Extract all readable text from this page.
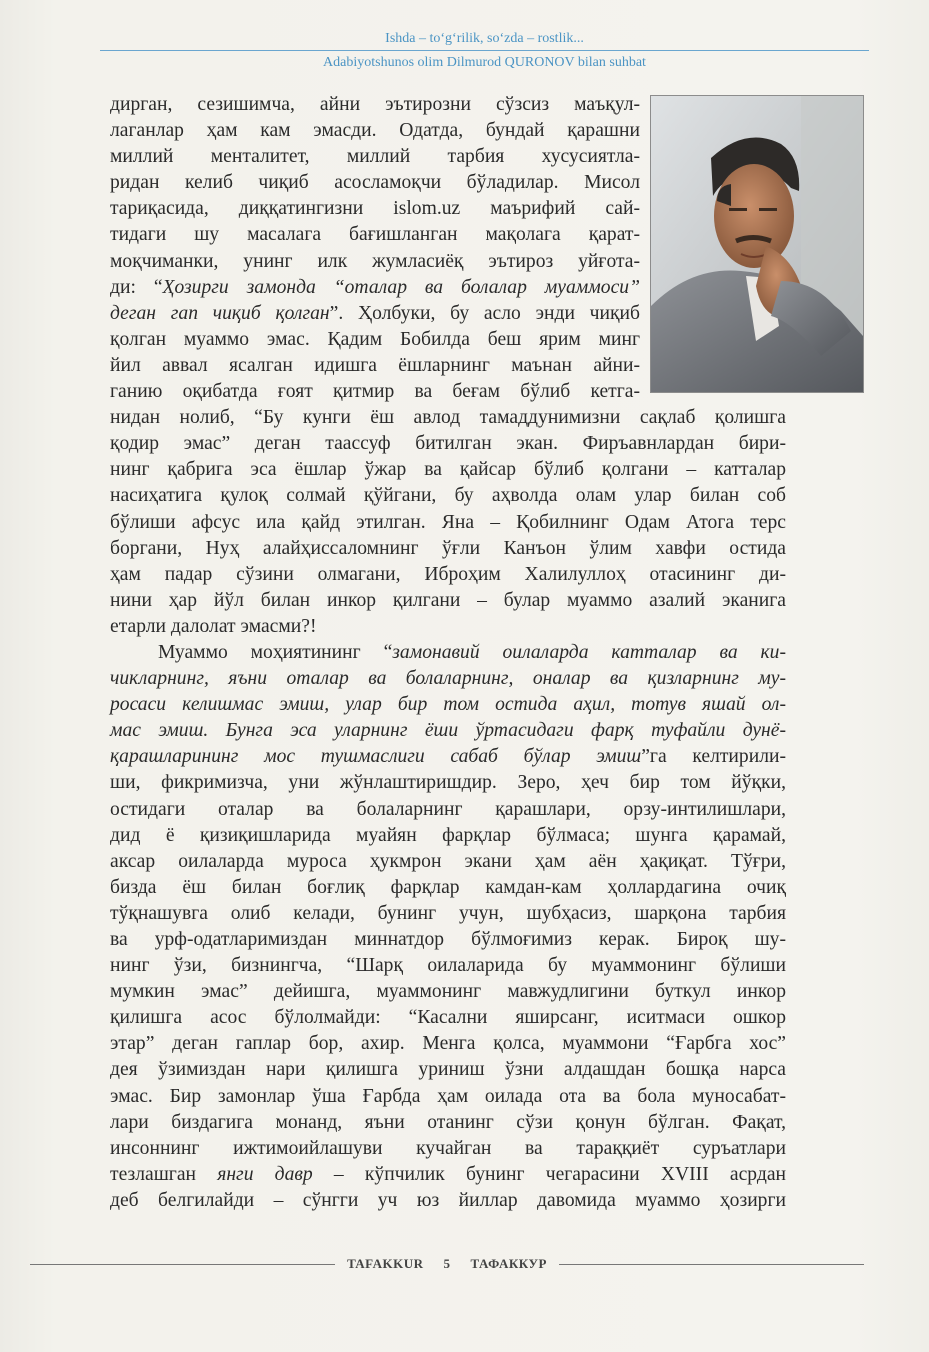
Ishda – to‘g‘rilik, so‘zda – rostlik...
Adabiyotshunos olim Dilmurod QURONOV bilan suhbat
дирган, сезишимча, айни эътирозни сўзсиз маъқул-
лаганлар ҳам кам эмасди. Одатда, бундай қарашни
миллий менталитет, миллий тарбия хусусиятла-
ридан келиб чиқиб асосламоқчи бўладилар. Мисол
тариқасида, диққатингизни islom.uz маърифий сай-
тидаги шу масалага бағишланган мақолага қарат-
моқчиманки, унинг илк жумласиёқ эътироз уйғота-
ди: “Ҳозирги замонда “оталар ва болалар муаммоси”
деган гап чиқиб қолган”. Ҳолбуки, бу асло энди чиқиб
қолган муаммо эмас. Қадим Бобилда беш ярим минг
йил аввал ясалган идишга ёшларнинг маънан айни-
ганию оқибатда ғоят қитмир ва беғам бўлиб кетга-
нидан нолиб, “Бу кунги ёш авлод тамаддунимизни сақлаб қолишга
қодир эмас” деган таассуф битилган экан. Фиръавнлардан бири-
нинг қабрига эса ёшлар ўжар ва қайсар бўлиб қолгани – катталар
насиҳатига қулоқ солмай қўйгани, бу аҳволда олам улар билан соб
бўлиши афсус ила қайд этилган. Яна – Қобилнинг Одам Атога терс
боргани, Нуҳ алайҳиссаломнинг ўғли Канъон ўлим хавфи остида
ҳам падар сўзини олмагани, Иброҳим Халилуллоҳ отасининг ди-
нини ҳар йўл билан инкор қилгани – булар муаммо азалий эканига
етарли далолат эмасми?!
Муаммо моҳиятининг “замонавий оилаларда катталар ва ки-
чикларнинг, яъни оталар ва болаларнинг, оналар ва қизларнинг му-
росаси келишмас эмиш, улар бир том остида аҳил, тотув яшай ол-
мас эмиш. Бунга эса уларнинг ёши ўртасидаги фарқ туфайли дунё-
қарашларининг мос тушмаслиги сабаб бўлар эмиш”га келтирили-
ши, фикримизча, уни жўнлаштиришдир. Зеро, ҳеч бир том йўқки,
остидаги оталар ва болаларнинг қарашлари, орзу-интилишлари,
дид ё қизиқишларида муайян фарқлар бўлмаса; шунга қарамай,
аксар оилаларда муроса ҳукмрон экани ҳам аён ҳақиқат. Тўғри,
бизда ёш билан боғлиқ фарқлар камдан-кам ҳоллардагина очиқ
тўқнашувга олиб келади, бунинг учун, шубҳасиз, шарқона тарбия
ва урф-одатларимиздан миннатдор бўлмоғимиз керак. Бироқ шу-
нинг ўзи, бизнингча, “Шарқ оилаларида бу муаммонинг бўлиши
мумкин эмас” дейишга, муаммонинг мавжудлигини буткул инкор
қилишга асос бўлолмайди: “Касални яширсанг, иситмаси ошкор
этар” деган гаплар бор, ахир. Менга қолса, муаммони “Ғарбга хос”
дея ўзимиздан нари қилишга уриниш ўзни алдашдан бошқа нарса
эмас. Бир замонлар ўша Ғарбда ҳам оилада ота ва бола муносабат-
лари биздагига монанд, яъни отанинг сўзи қонун бўлган. Фақат,
инсоннинг ижтимоийлашуви кучайган ва тараққиёт суръатлари
тезлашган янги давр – кўпчилик бунинг чегарасини XVIII асрдан
деб белгилайди – сўнгги уч юз йиллар давомида муаммо ҳозирги
TAFAKKUR 5 ТАФАККУР
